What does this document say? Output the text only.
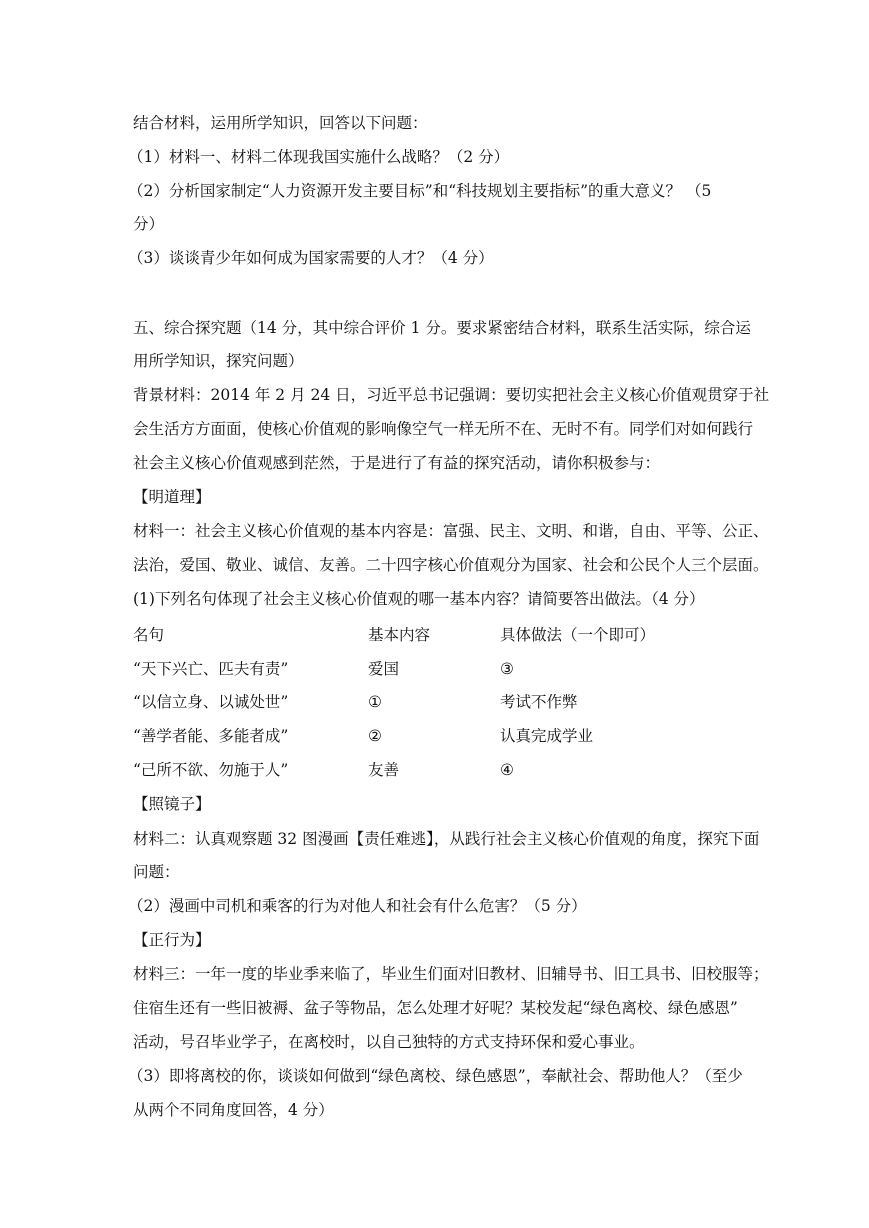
结合材料，运用所学知识，回答以下问题：
（1）材料一、材料二体现我国实施什么战略？（2 分）
（2）分析国家制定“人力资源开发主要目标”和“科技规划主要指标”的重大意义？ （5
分）
（3）谈谈青少年如何成为国家需要的人才？（4 分）
五、综合探究题（14 分，其中综合评价 1 分。要求紧密结合材料，联系生活实际，综合运
用所学知识，探究问题）
背景材料：2014 年 2 月 24 日，习近平总书记强调：要切实把社会主义核心价值观贯穿于社
会生活方方面面，使核心价值观的影响像空气一样无所不在、无时不有。同学们对如何践行
社会主义核心价值观感到茫然，于是进行了有益的探究活动，请你积极参与：
【明道理】
材料一：社会主义核心价值观的基本内容是：富强、民主、文明、和谐，自由、平等、公正、
法治，爱国、敬业、诚信、友善。二十四字核心价值观分为国家、社会和公民个人三个层面。
(1)下列名句体现了社会主义核心价值观的哪一基本内容？请简要答出做法。（4 分）
名句	基本内容	具体做法（一个即可）
“天下兴亡、匹夫有责”	爱国	③
“以信立身、以诚处世”	①	考试不作弊
“善学者能、多能者成”	②	认真完成学业
“己所不欲、勿施于人”	友善	④
【照镜子】
材料二：认真观察题 32 图漫画【责任难逃】，从践行社会主义核心价值观的角度，探究下面
问题：
（2）漫画中司机和乘客的行为对他人和社会有什么危害？（5 分）
【正行为】
材料三：一年一度的毕业季来临了，毕业生们面对旧教材、旧辅导书、旧工具书、旧校服等；
住宿生还有一些旧被褥、盆子等物品，怎么处理才好呢？某校发起“绿色离校、绿色感恩”
活动，号召毕业学子，在离校时，以自己独特的方式支持环保和爱心事业。
（3）即将离校的你，谈谈如何做到“绿色离校、绿色感恩”，奉献社会、帮助他人？（至少
从两个不同角度回答，4 分）
